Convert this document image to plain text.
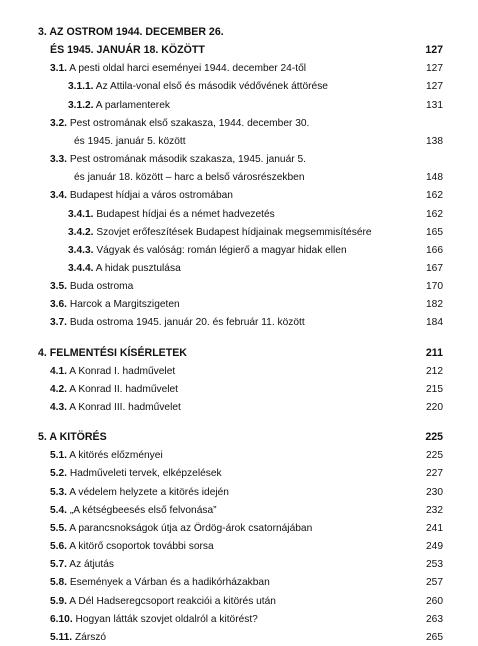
3. AZ OSTROM 1944. DECEMBER 26.
ÉS 1945. JANUÁR 18. KÖZÖTT	127
3.1. A pesti oldal harci eseményei 1944. december 24-től	127
3.1.1. Az Attila-vonal első és második védővének áttörése	127
3.1.2. A parlamenterek	131
3.2. Pest ostromának első szakasza, 1944. december 30.
és 1945. január 5. között	138
3.3. Pest ostromának második szakasza, 1945. január 5.
és január 18. között – harc a belső városrészekben	148
3.4. Budapest hídjai a város ostromában	162
3.4.1. Budapest hídjai és a német hadvezetés	162
3.4.2. Szovjet erőfeszítések Budapest hídjainak megsemmisítésére	165
3.4.3. Vágyak és valóság: román légierő a magyar hidak ellen	166
3.4.4. A hidak pusztulása	167
3.5. Buda ostroma	170
3.6. Harcok a Margitszigeten	182
3.7. Buda ostroma 1945. január 20. és február 11. között	184
4. FELMENTÉSI KÍSÉRLETEK	211
4.1. A Konrad I. hadművelet	212
4.2. A Konrad II. hadművelet	215
4.3. A Konrad III. hadművelet	220
5. A KITÖRÉS	225
5.1. A kitörés előzményei	225
5.2. Hadműveleti tervek, elképzelések	227
5.3. A védelem helyzete a kitörés idején	230
5.4. „A kétségbeesés első felvonása”	232
5.5. A parancsnokságok útja az Ördög-árok csatornájában	241
5.6. A kitörő csoportok további sorsa	249
5.7. Az átjutás	253
5.8. Események a Várban és a hadikórházakban	257
5.9. A Dél Hadseregcsoport reakciói a kitörés után	260
6.10. Hogyan látták szovjet oldalról a kitörést?	263
5.11. Zárszó	265
